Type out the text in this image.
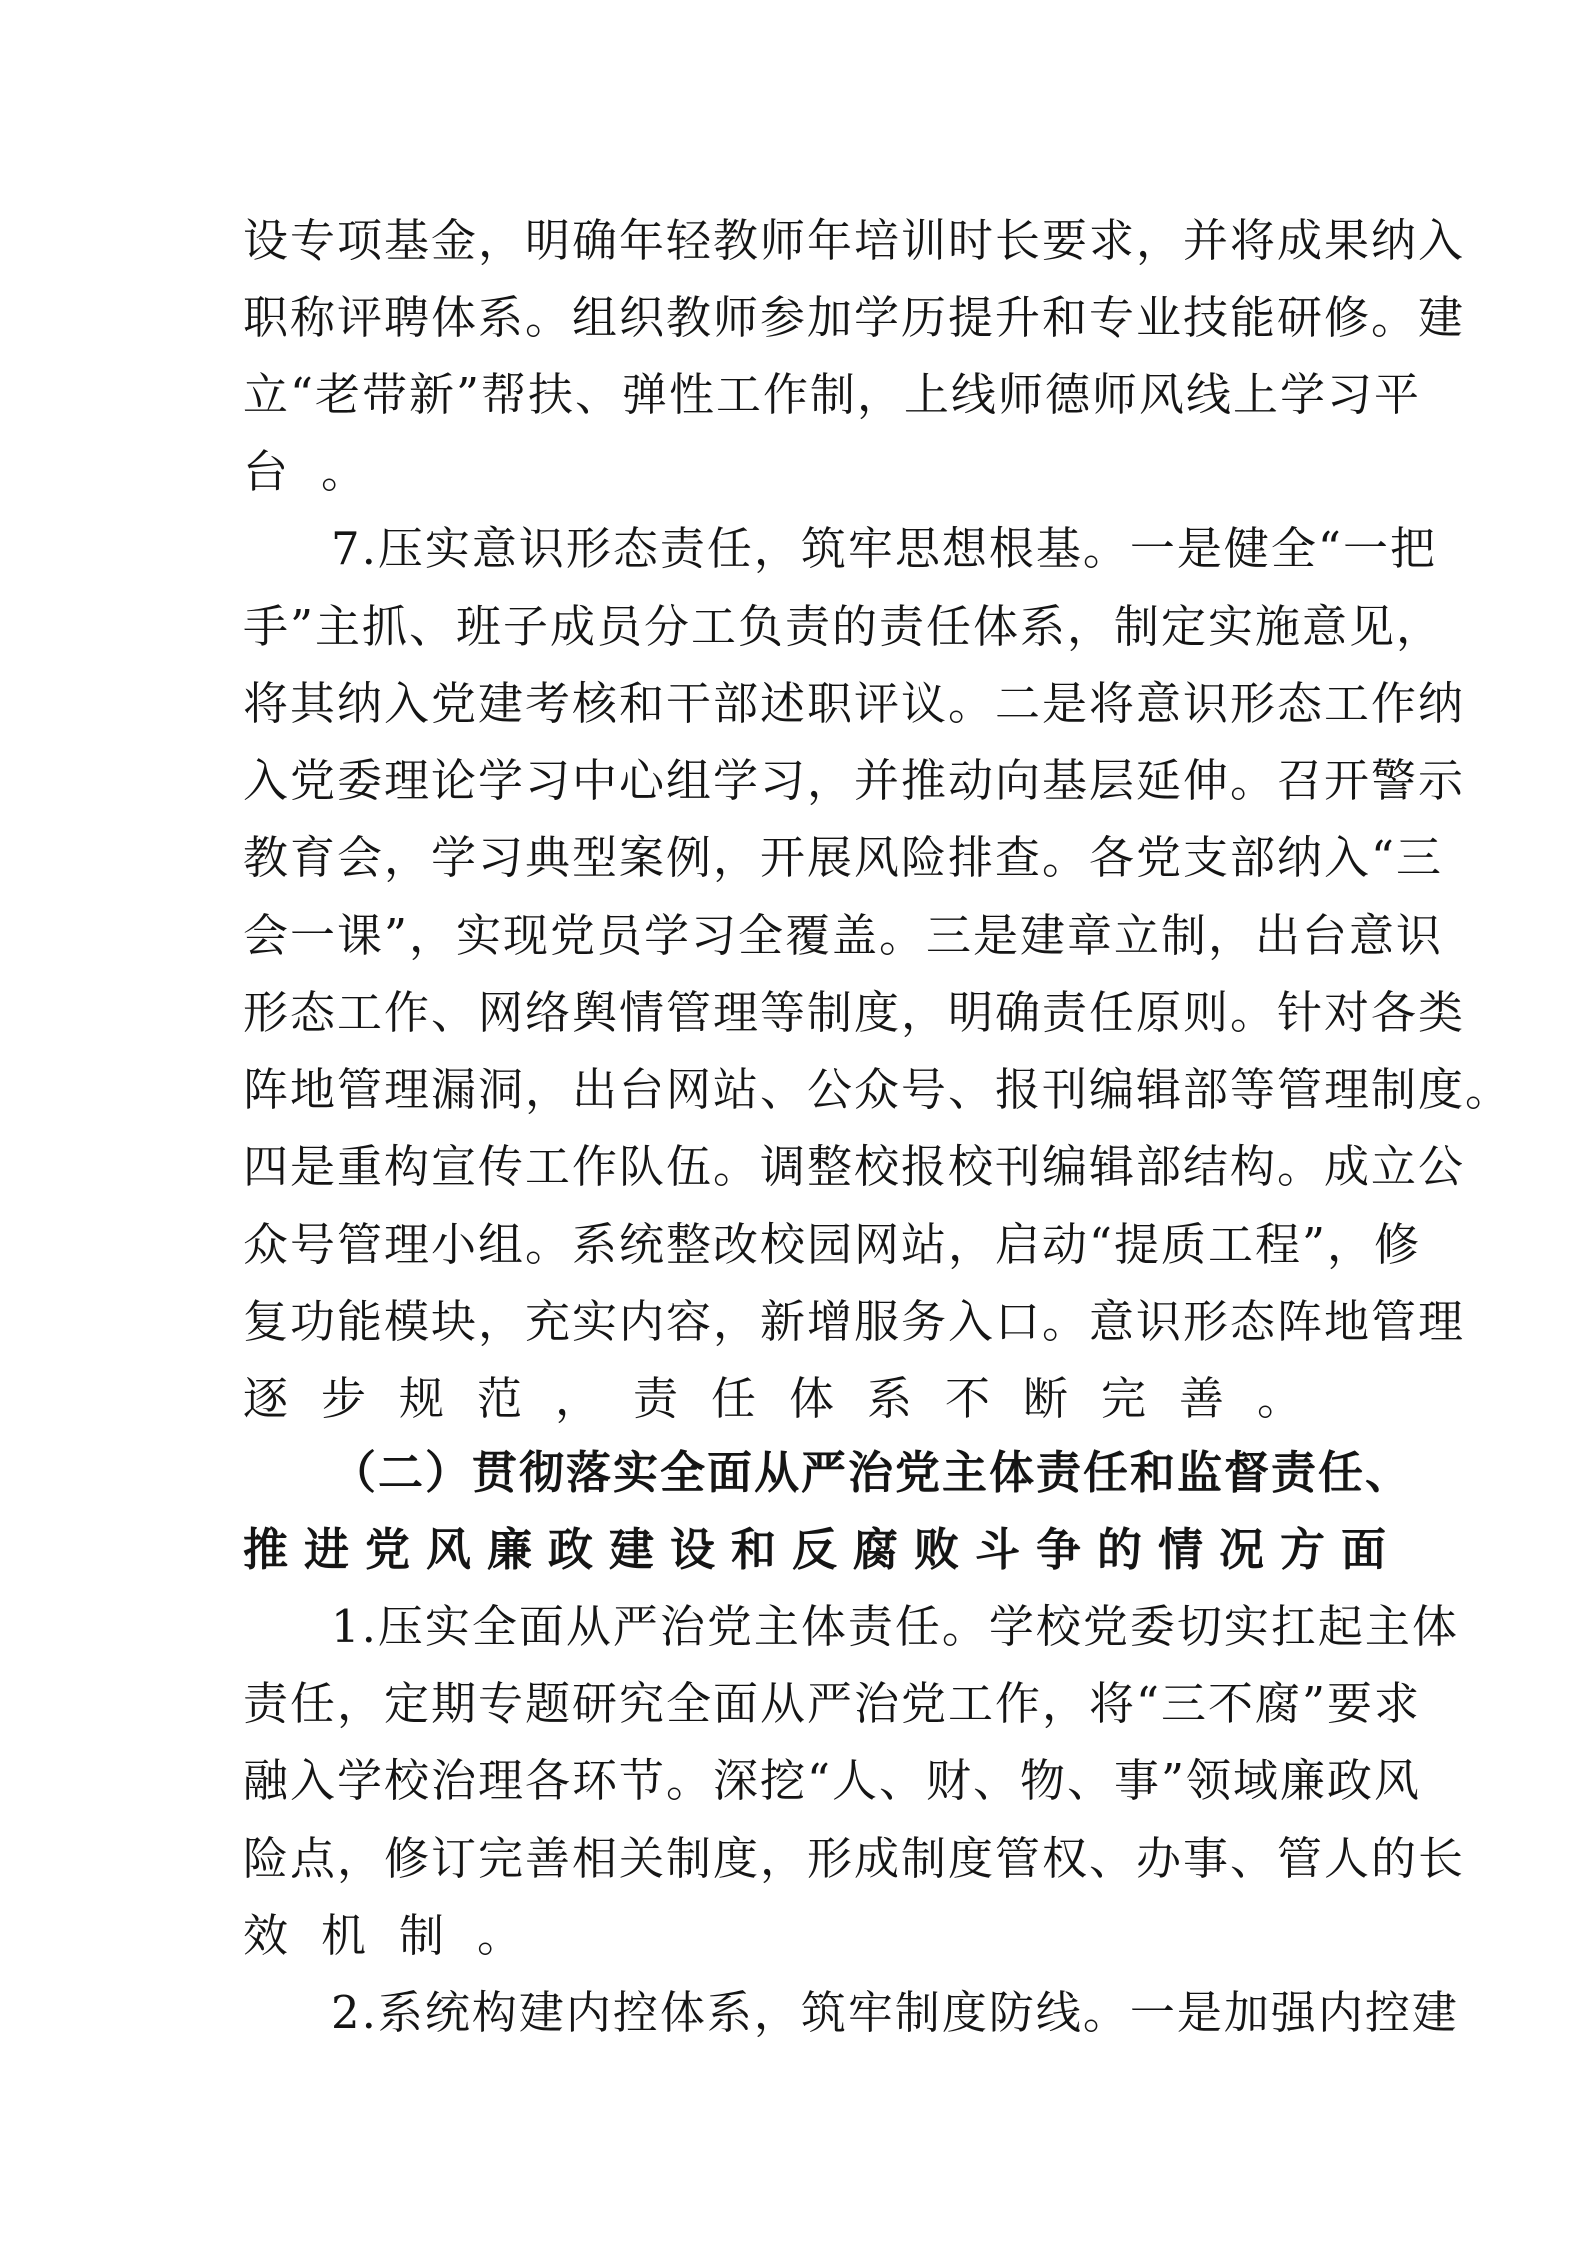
设专项基金，明确年轻教师年培训时长要求，并将成果纳入
职称评聘体系。组织教师参加学历提升和专业技能研修。建
立“老带新”帮扶、弹性工作制，上线师德师风线上学习平
台。
7.压实意识形态责任，筑牢思想根基。一是健全“一把
手”主抓、班子成员分工负责的责任体系，制定实施意见，
将其纳入党建考核和干部述职评议。二是将意识形态工作纳
入党委理论学习中心组学习，并推动向基层延伸。召开警示
教育会，学习典型案例，开展风险排查。各党支部纳入“三
会一课”，实现党员学习全覆盖。三是建章立制，出台意识
形态工作、网络舆情管理等制度，明确责任原则。针对各类
阵地管理漏洞，出台网站、公众号、报刊编辑部等管理制度。
四是重构宣传工作队伍。调整校报校刊编辑部结构。成立公
众号管理小组。系统整改校园网站，启动“提质工程”，修
复功能模块，充实内容，新增服务入口。意识形态阵地管理
逐步规范，责任体系不断完善。
（二）贯彻落实全面从严治党主体责任和监督责任、
推进党风廉政建设和反腐败斗争的情况方面
1.压实全面从严治党主体责任。学校党委切实扛起主体
责任，定期专题研究全面从严治党工作，将“三不腐”要求
融入学校治理各环节。深挖“人、财、物、事”领域廉政风
险点，修订完善相关制度，形成制度管权、办事、管人的长
效机制。
2.系统构建内控体系，筑牢制度防线。一是加强内控建
